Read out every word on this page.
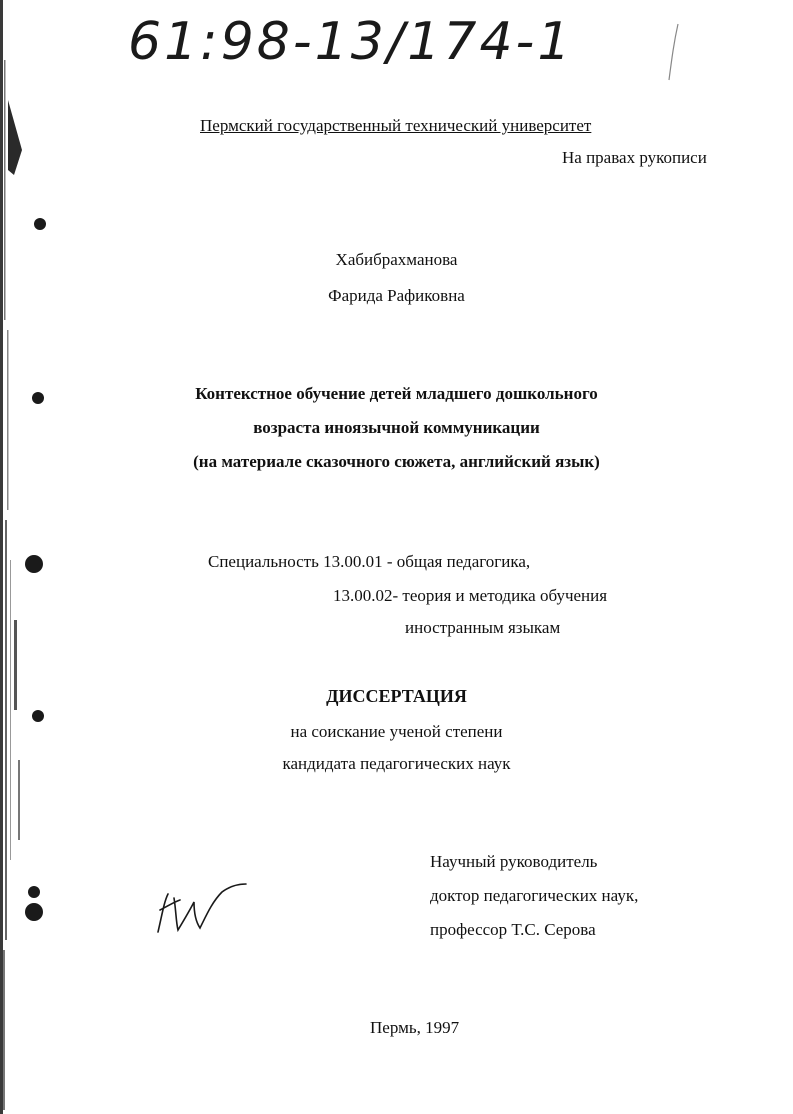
61:98-13/174-1
Пермский государственный технический университет
На правах рукописи
Хабибрахманова
Фарида Рафиковна
Контекстное обучение детей младшего дошкольного
возраста иноязычной коммуникации
(на материале сказочного сюжета, английский язык)
Специальность 13.00.01 - общая педагогика,
13.00.02- теория и методика обучения
иностранным языкам
ДИССЕРТАЦИЯ
на соискание ученой степени
кандидата педагогических наук
Научный руководитель
доктор педагогических наук,
профессор Т.С. Серова
Пермь, 1997
